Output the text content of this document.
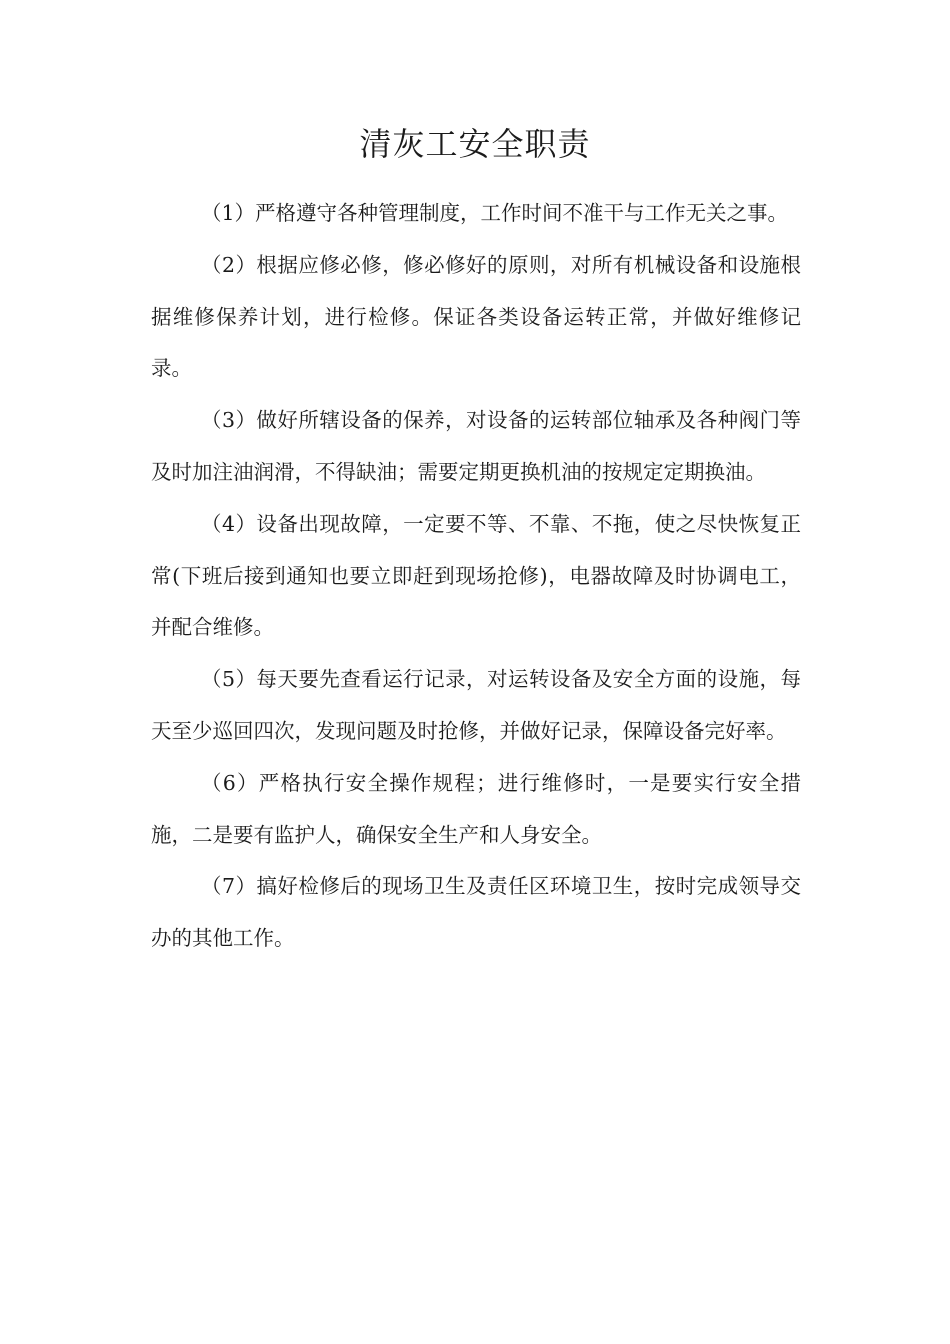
清灰工安全职责

（1）严格遵守各种管理制度，工作时间不准干与工作无关之事。

（2）根据应修必修，修必修好的原则，对所有机械设备和设施根据维修保养计划，进行检修。保证各类设备运转正常，并做好维修记录。

（3）做好所辖设备的保养，对设备的运转部位轴承及各种阀门等及时加注油润滑，不得缺油；需要定期更换机油的按规定定期换油。

（4）设备出现故障，一定要不等、不靠、不拖，使之尽快恢复正常(下班后接到通知也要立即赶到现场抢修)，电器故障及时协调电工，并配合维修。

（5）每天要先查看运行记录，对运转设备及安全方面的设施，每天至少巡回四次，发现问题及时抢修，并做好记录，保障设备完好率。

（6）严格执行安全操作规程；进行维修时，一是要实行安全措施，二是要有监护人，确保安全生产和人身安全。

（7）搞好检修后的现场卫生及责任区环境卫生，按时完成领导交办的其他工作。
